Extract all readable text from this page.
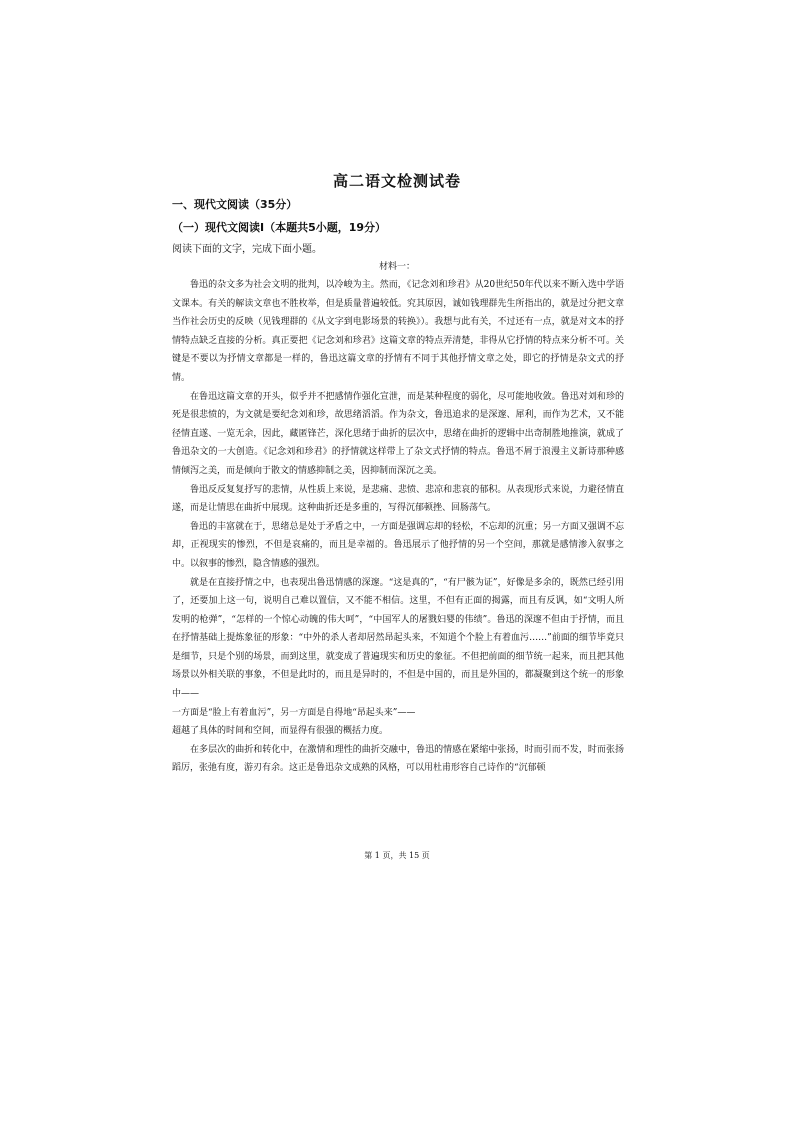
高二语文检测试卷
一、现代文阅读（35分）
（一）现代文阅读Ⅰ（本题共5小题，19分）
阅读下面的文字，完成下面小题。
材料一：

鲁迅的杂文多为社会文明的批判，以冷峻为主。然而，《记念刘和珍君》从20世纪50年代以来不断入选中学语文课本。有关的解读文章也不胜枚举，但是质量普遍较低。究其原因，诚如钱理群先生所指出的，就是过分把文章当作社会历史的反映（见钱理群的《从文字到电影场景的转换》）。我想与此有关，不过还有一点，就是对文本的抒情特点缺乏直接的分析。真正要把《记念刘和珍君》这篇文章的特点弄清楚，非得从它抒情的特点来分析不可。关键是不要以为抒情文章都是一样的，鲁迅这篇文章的抒情有不同于其他抒情文章之处，即它的抒情是杂文式的抒情。

在鲁迅这篇文章的开头，似乎并不把感情作强化宣泄，而是某种程度的弱化，尽可能地收敛。鲁迅对刘和珍的死是很悲愤的，为文就是要纪念刘和珍，故思绪滔滔。作为杂文，鲁迅追求的是深邃、犀利，而作为艺术，又不能径情直遂、一览无余，因此，藏匿锋芒，深化思绪于曲折的层次中，思绪在曲折的逻辑中出奇制胜地推演，就成了鲁迅杂文的一大创造。《记念刘和珍君》的抒情就这样带上了杂文式抒情的特点。鲁迅不屑于浪漫主义新诗那种感情倾泻之美，而是倾向于散文的情感抑制之美，因抑制而深沉之美。

鲁迅反反复复抒写的悲情，从性质上来说，是悲痛、悲愤、悲凉和悲哀的郁积。从表现形式来说，力避径情直遂，而是让情思在曲折中展现。这种曲折还是多重的，写得沉郁顿挫、回肠荡气。

鲁迅的丰富就在于，思绪总是处于矛盾之中，一方面是强调忘却的轻松，不忘却的沉重；另一方面又强调不忘却，正视现实的惨烈，不但是哀痛的，而且是幸福的。鲁迅展示了他抒情的另一个空间，那就是感情渗入叙事之中。以叙事的惨烈，隐含情感的强烈。

就是在直接抒情之中，也表现出鲁迅情感的深邃。“这是真的”，“有尸骸为证”，好像是多余的，既然已经引用了，还要加上这一句，说明自己难以置信，又不能不相信。这里，不但有正面的揭露，而且有反讽，如“文明人所发明的枪弹”，“怎样的一个惊心动魄的伟大呵”，“中国军人的屠戮妇婴的伟绩”。鲁迅的深邃不但由于抒情，而且在抒情基础上提炼象征的形象：“中外的杀人者却居然昂起头来，不知道个个脸上有着血污……”前面的细节毕竟只是细节，只是个别的场景，而到这里，就变成了普遍现实和历史的象征。不但把前面的细节统一起来，而且把其他场景以外相关联的事象，不但是此时的，而且是异时的，不但是中国的，而且是外国的，都凝聚到这个统一的形象中——

一方面是“脸上有着血污”，另一方面是自得地“昂起头来”——

超越了具体的时间和空间，而显得有很强的概括力度。

在多层次的曲折和转化中，在激情和理性的曲折交融中，鲁迅的情感在紧缩中张扬，时而引而不发，时而张扬蹈厉，张弛有度，游刃有余。这正是鲁迅杂文成熟的风格，可以用杜甫形容自己诗作的“沉郁顿

第 1 页，共 15 页
